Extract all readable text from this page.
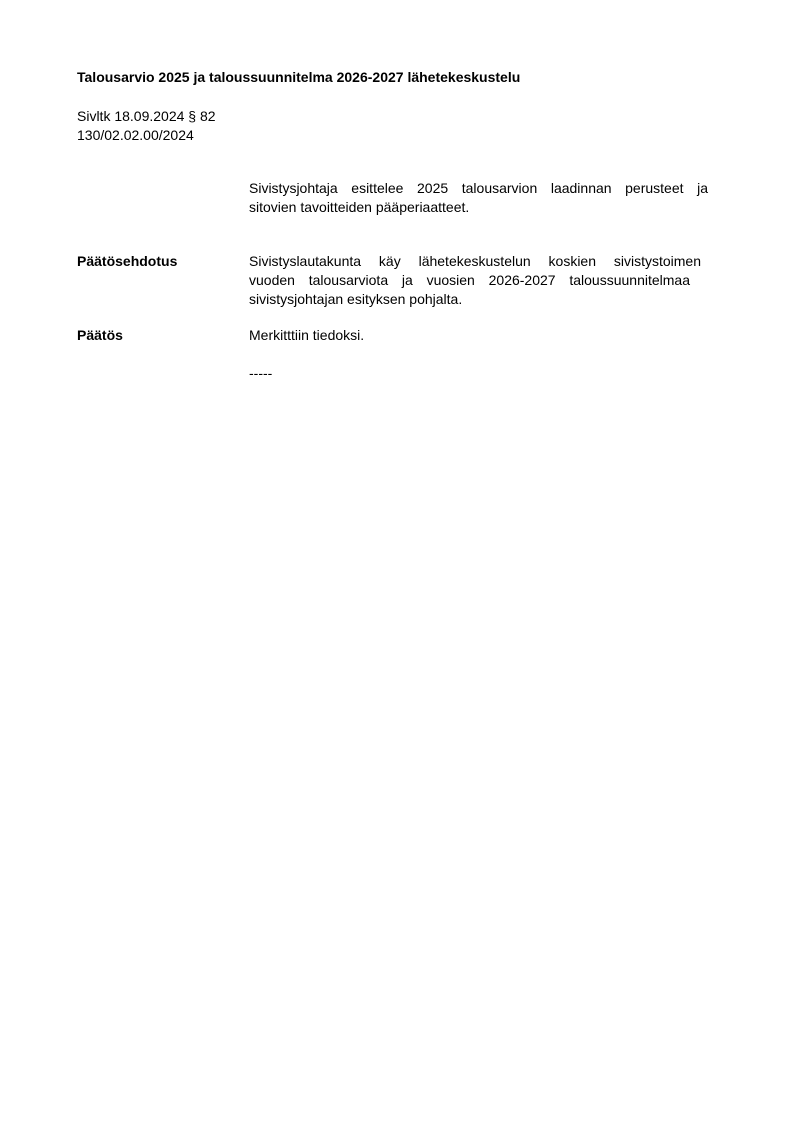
Talousarvio 2025 ja taloussuunnitelma 2026-2027 lähetekeskustelu
Sivltk 18.09.2024 § 82
130/02.02.00/2024
Sivistysjohtaja esittelee 2025 talousarvion laadinnan perusteet ja
sitovien tavoitteiden pääperiaatteet.
Päätösehdotus	Sivistyslautakunta käy lähetekeskustelun koskien sivistystoimen
vuoden talousarviota ja vuosien 2026-2027 taloussuunnitelmaa
sivistysjohtajan esityksen pohjalta.
Päätös	Merkitttiin tiedoksi.
-----
